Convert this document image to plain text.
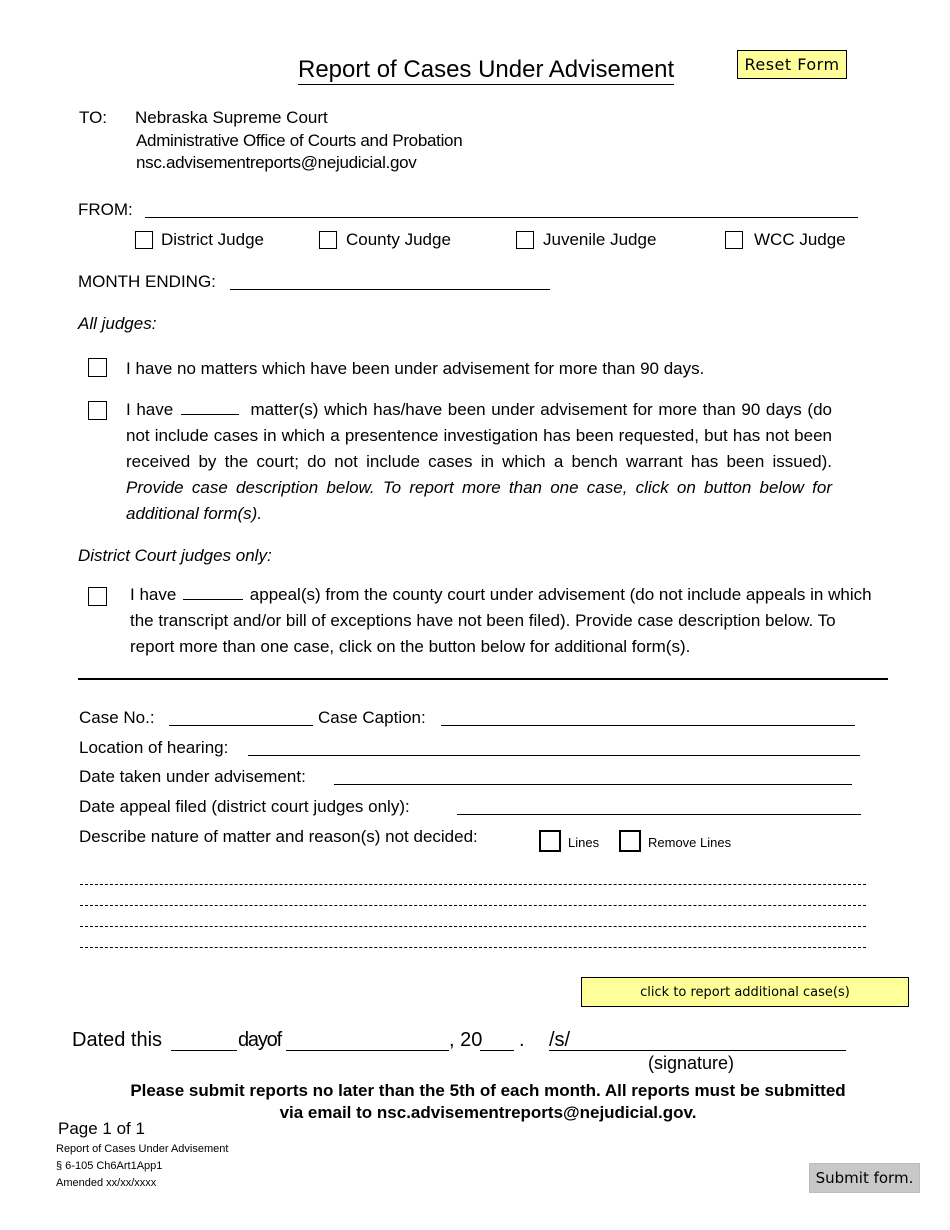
Report of Cases Under Advisement	Reset Form
TO: Nebraska Supreme Court
Administrative Office of Courts and Probation
nsc.advisementreports@nejudicial.gov
FROM:
District Judge	County Judge	Juvenile Judge	WCC Judge
MONTH ENDING:
All judges:
I have no matters which have been under advisement for more than 90 days.
I have	matter(s) which has/have been under advisement for more than 90 days (do not include cases in which a presentence investigation has been requested, but has not been received by the court; do not include cases in which a bench warrant has been issued). Provide case description below. To report more than one case, click on button below for additional form(s).
District Court judges only:
I have	appeal(s) from the county court under advisement (do not include appeals in which the transcript and/or bill of exceptions have not been filed). Provide case description below. To report more than one case, click on the button below for additional form(s).
Case No.:	Case Caption:
Location of hearing:
Date taken under advisement:
Date appeal filed (district court judges only):
Describe nature of matter and reason(s) not decided:	Lines	Remove Lines
click to report additional case(s)
Dated this	dayof	, 20 . /s/
(signature)
Please submit reports no later than the 5th of each month. All reports must be submitted
via email to nsc.advisementreports@nejudicial.gov.
Page 1 of 1
Report of Cases Under Advisement
§ 6-105 Ch6Art1App1
Amended xx/xx/xxxx	Submit form.
